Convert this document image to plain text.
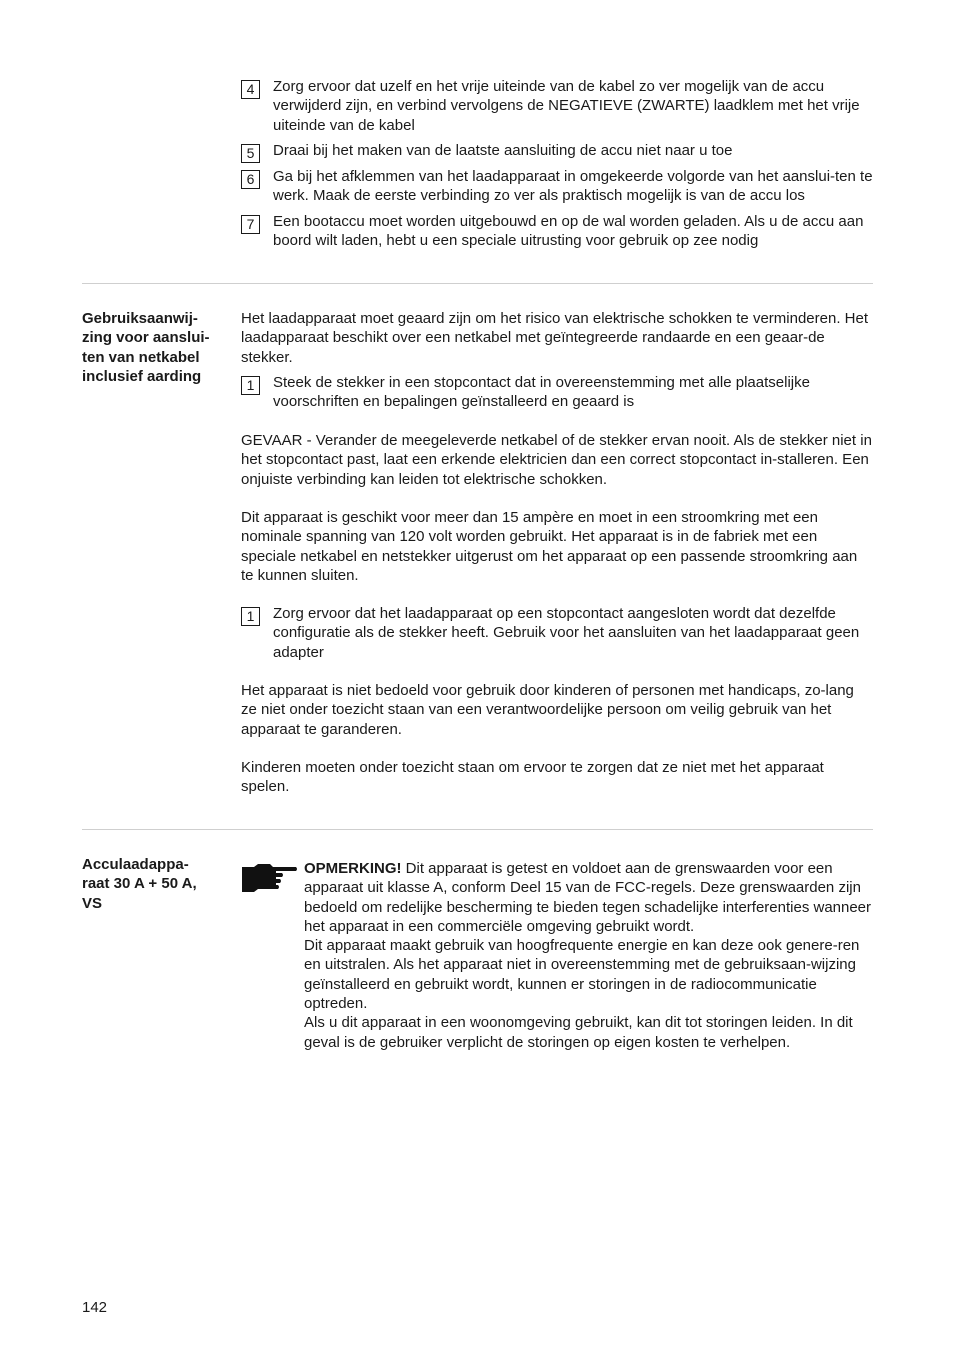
4	Zorg ervoor dat uzelf en het vrije uiteinde van de kabel zo ver mogelijk van de accu verwijderd zijn, en verbind vervolgens de NEGATIEVE (ZWARTE) laadklem met het vrije uiteinde van de kabel
5	Draai bij het maken van de laatste aansluiting de accu niet naar u toe
6	Ga bij het afklemmen van het laadapparaat in omgekeerde volgorde van het aanslui-ten te werk. Maak de eerste verbinding zo ver als praktisch mogelijk is van de accu los
7	Een bootaccu moet worden uitgebouwd en op de wal worden geladen. Als u de accu aan boord wilt laden, hebt u een speciale uitrusting voor gebruik op zee nodig
Gebruiksaanwij-zing voor aanslui-ten van netkabel inclusief aarding
Het laadapparaat moet geaard zijn om het risico van elektrische schokken te verminderen. Het laadapparaat beschikt over een netkabel met geïntegreerde randaarde en een geaar-de stekker.
1	Steek de stekker in een stopcontact dat in overeenstemming met alle plaatselijke voorschriften en bepalingen geïnstalleerd en geaard is
GEVAAR - Verander de meegeleverde netkabel of de stekker ervan nooit. Als de stekker niet in het stopcontact past, laat een erkende elektricien dan een correct stopcontact in-stalleren. Een onjuiste verbinding kan leiden tot elektrische schokken.
Dit apparaat is geschikt voor meer dan 15 ampère en moet in een stroomkring met een nominale spanning van 120 volt worden gebruikt. Het apparaat is in de fabriek met een speciale netkabel en netstekker uitgerust om het apparaat op een passende stroomkring aan te kunnen sluiten.
1	Zorg ervoor dat het laadapparaat op een stopcontact aangesloten wordt dat dezelfde configuratie als de stekker heeft. Gebruik voor het aansluiten van het laadapparaat geen adapter
Het apparaat is niet bedoeld voor gebruik door kinderen of personen met handicaps, zo-lang ze niet onder toezicht staan van een verantwoordelijke persoon om veilig gebruik van het apparaat te garanderen.
Kinderen moeten onder toezicht staan om ervoor te zorgen dat ze niet met het apparaat spelen.
Acculaadappa-raat 30 A + 50 A, VS
OPMERKING! Dit apparaat is getest en voldoet aan de grenswaarden voor een apparaat uit klasse A, conform Deel 15 van de FCC-regels. Deze grenswaarden zijn bedoeld om redelijke bescherming te bieden tegen schadelijke interferenties wanneer het apparaat in een commerciële omgeving gebruikt wordt.
Dit apparaat maakt gebruik van hoogfrequente energie en kan deze ook genere-ren en uitstralen. Als het apparaat niet in overeenstemming met de gebruiksaan-wijzing geïnstalleerd en gebruikt wordt, kunnen er storingen in de radiocommunicatie optreden.
Als u dit apparaat in een woonomgeving gebruikt, kan dit tot storingen leiden. In dit geval is de gebruiker verplicht de storingen op eigen kosten te verhelpen.
142
